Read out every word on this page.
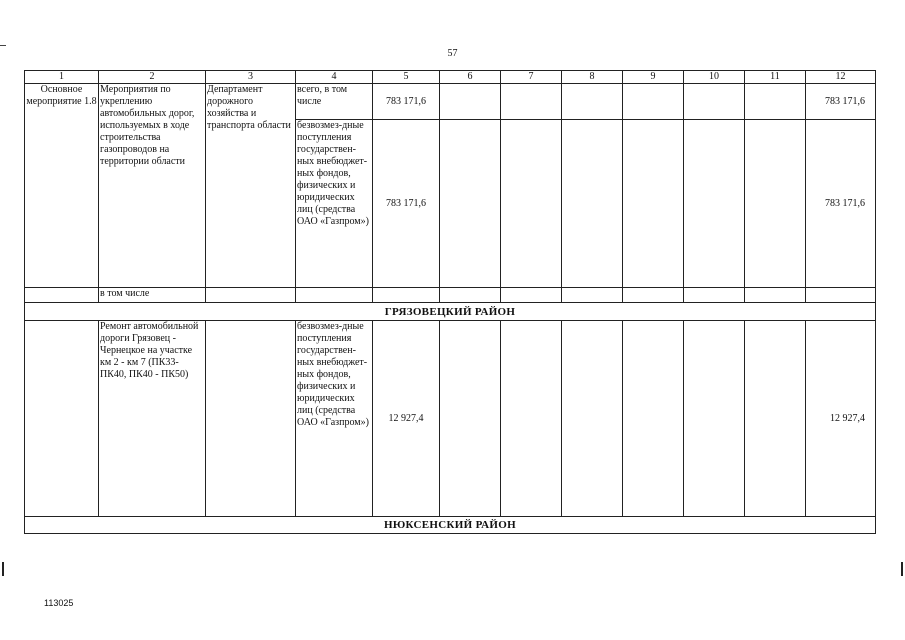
57
1	2	3	4	5	6	7	8	9	10	11	12
Основное мероприятие 1.8	Мероприятия по укреплению автомобильных дорог, используемых в ходе строительства газопроводов на территории области	Департамент дорожного хозяйства и транспорта области	всего, в том числе	783 171,6							783 171,6
			безвозмез-дные поступления государствен-ных внебюджет-ных фондов, физических и юридических лиц (средства ОАО «Газпром»)	783 171,6							783 171,6
	в том числе										
ГРЯЗОВЕЦКИЙ РАЙОН											
	Ремонт автомобильной дороги Грязовец - Чернецкое на участке км 2 - км 7 (ПК33-ПК40, ПК40 - ПК50)		безвозмез-дные поступления государствен-ных внебюджет-ных фондов, физических и юридических лиц (средства ОАО «Газпром»)	12 927,4							12 927,4
НЮКСЕНСКИЙ РАЙОН											
113025
